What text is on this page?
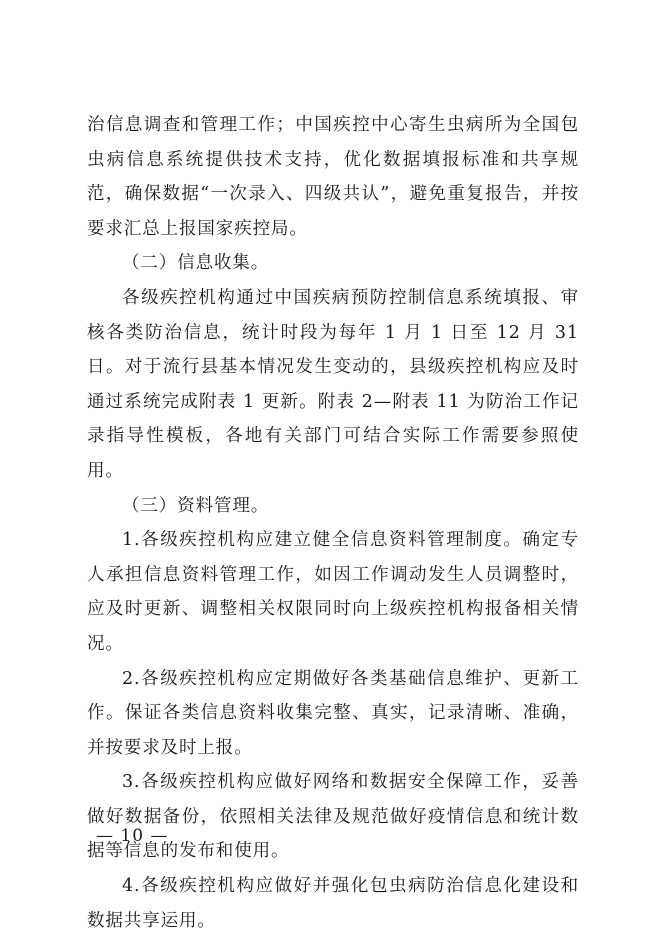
治信息调查和管理工作；中国疾控中心寄生虫病所为全国包虫病信息系统提供技术支持，优化数据填报标准和共享规范，确保数据“一次录入、四级共认”，避免重复报告，并按要求汇总上报国家疾控局。

（二）信息收集。

各级疾控机构通过中国疾病预防控制信息系统填报、审核各类防治信息，统计时段为每年 1 月 1 日至 12 月 31 日。对于流行县基本情况发生变动的，县级疾控机构应及时通过系统完成附表 1 更新。附表 2—附表 11 为防治工作记录指导性模板，各地有关部门可结合实际工作需要参照使用。

（三）资料管理。

1.各级疾控机构应建立健全信息资料管理制度。确定专人承担信息资料管理工作，如因工作调动发生人员调整时，应及时更新、调整相关权限同时向上级疾控机构报备相关情况。

2.各级疾控机构应定期做好各类基础信息维护、更新工作。保证各类信息资料收集完整、真实，记录清晰、准确，并按要求及时上报。

3.各级疾控机构应做好网络和数据安全保障工作，妥善做好数据备份，依照相关法律及规范做好疫情信息和统计数据等信息的发布和使用。

4.各级疾控机构应做好并强化包虫病防治信息化建设和数据共享运用。

— 10 —
